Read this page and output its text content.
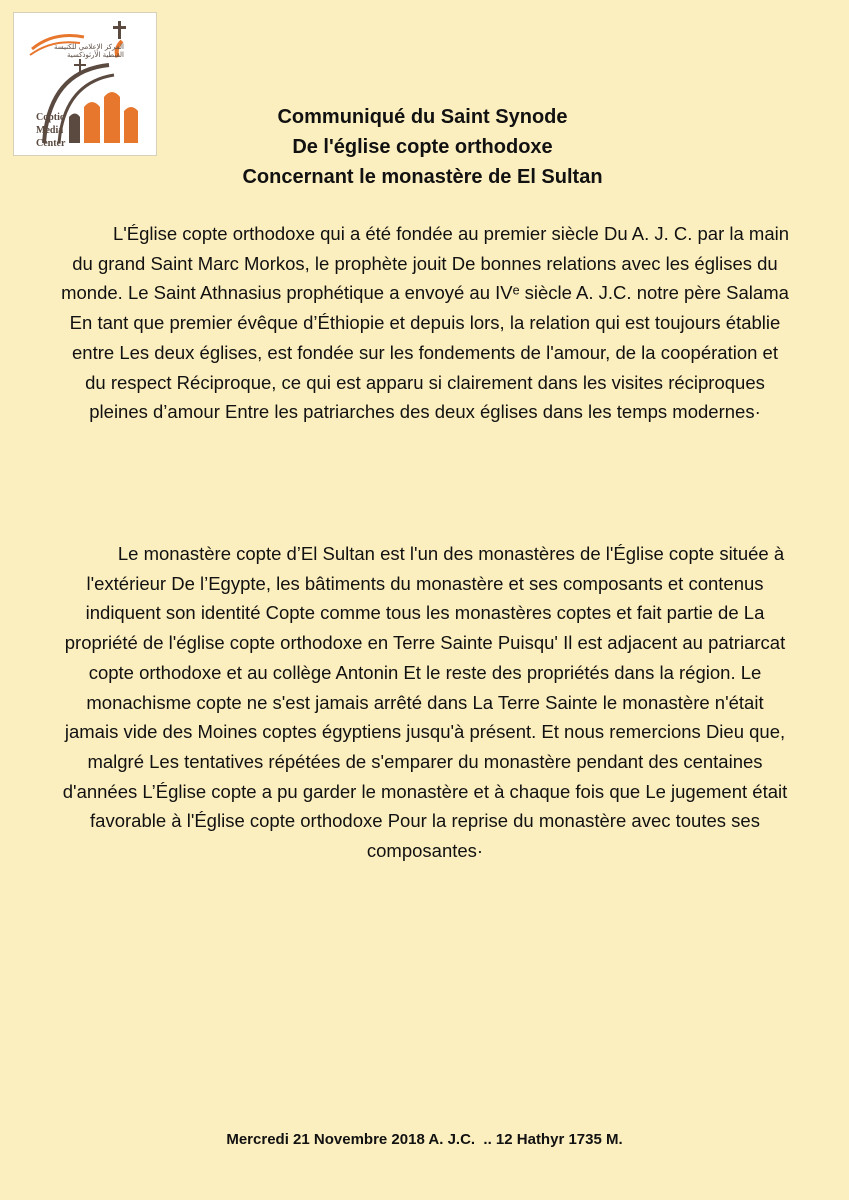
المركز الإعلامي للكنيسة القبطية الأرثوذكسية
Coptic
Media
Center
Communiqué du Saint Synode
De l'église copte orthodoxe
Concernant le monastère de El Sultan

L'Église copte orthodoxe qui a été fondée au premier siècle Du A. J. C. par la main du grand Saint Marc Morkos, le prophète jouit De bonnes relations avec les églises du monde. Le Saint Athnasius prophétique a envoyé au IVᵉ siècle A. J.C. notre père Salama En tant que premier évêque d’Éthiopie et depuis lors, la relation qui est toujours établie entre Les deux églises, est fondée sur les fondements de l'amour, de la coopération et du respect Réciproque, ce qui est apparu si clairement dans les visites réciproques pleines d’amour Entre les patriarches des deux églises dans les temps modernes·

Le monastère copte d’El Sultan est l'un des monastères de l'Église copte située à l'extérieur De l’Egypte, les bâtiments du monastère et ses composants et contenus indiquent son identité Copte comme tous les monastères coptes et fait partie de La propriété de l'église copte orthodoxe en Terre Sainte Puisqu' Il est adjacent au patriarcat copte orthodoxe et au collège Antonin Et le reste des propriétés dans la région. Le monachisme copte ne s'est jamais arrêté dans La Terre Sainte le monastère n'était jamais vide des Moines coptes égyptiens jusqu'à présent. Et nous remercions Dieu que, malgré Les tentatives répétées de s'emparer du monastère pendant des centaines d'années L’Église copte a pu garder le monastère et à chaque fois que Le jugement était favorable à l'Église copte orthodoxe Pour la reprise du monastère avec toutes ses composantes·

Mercredi 21 Novembre 2018 A. J.C.  .. 12 Hathyr 1735 M.
